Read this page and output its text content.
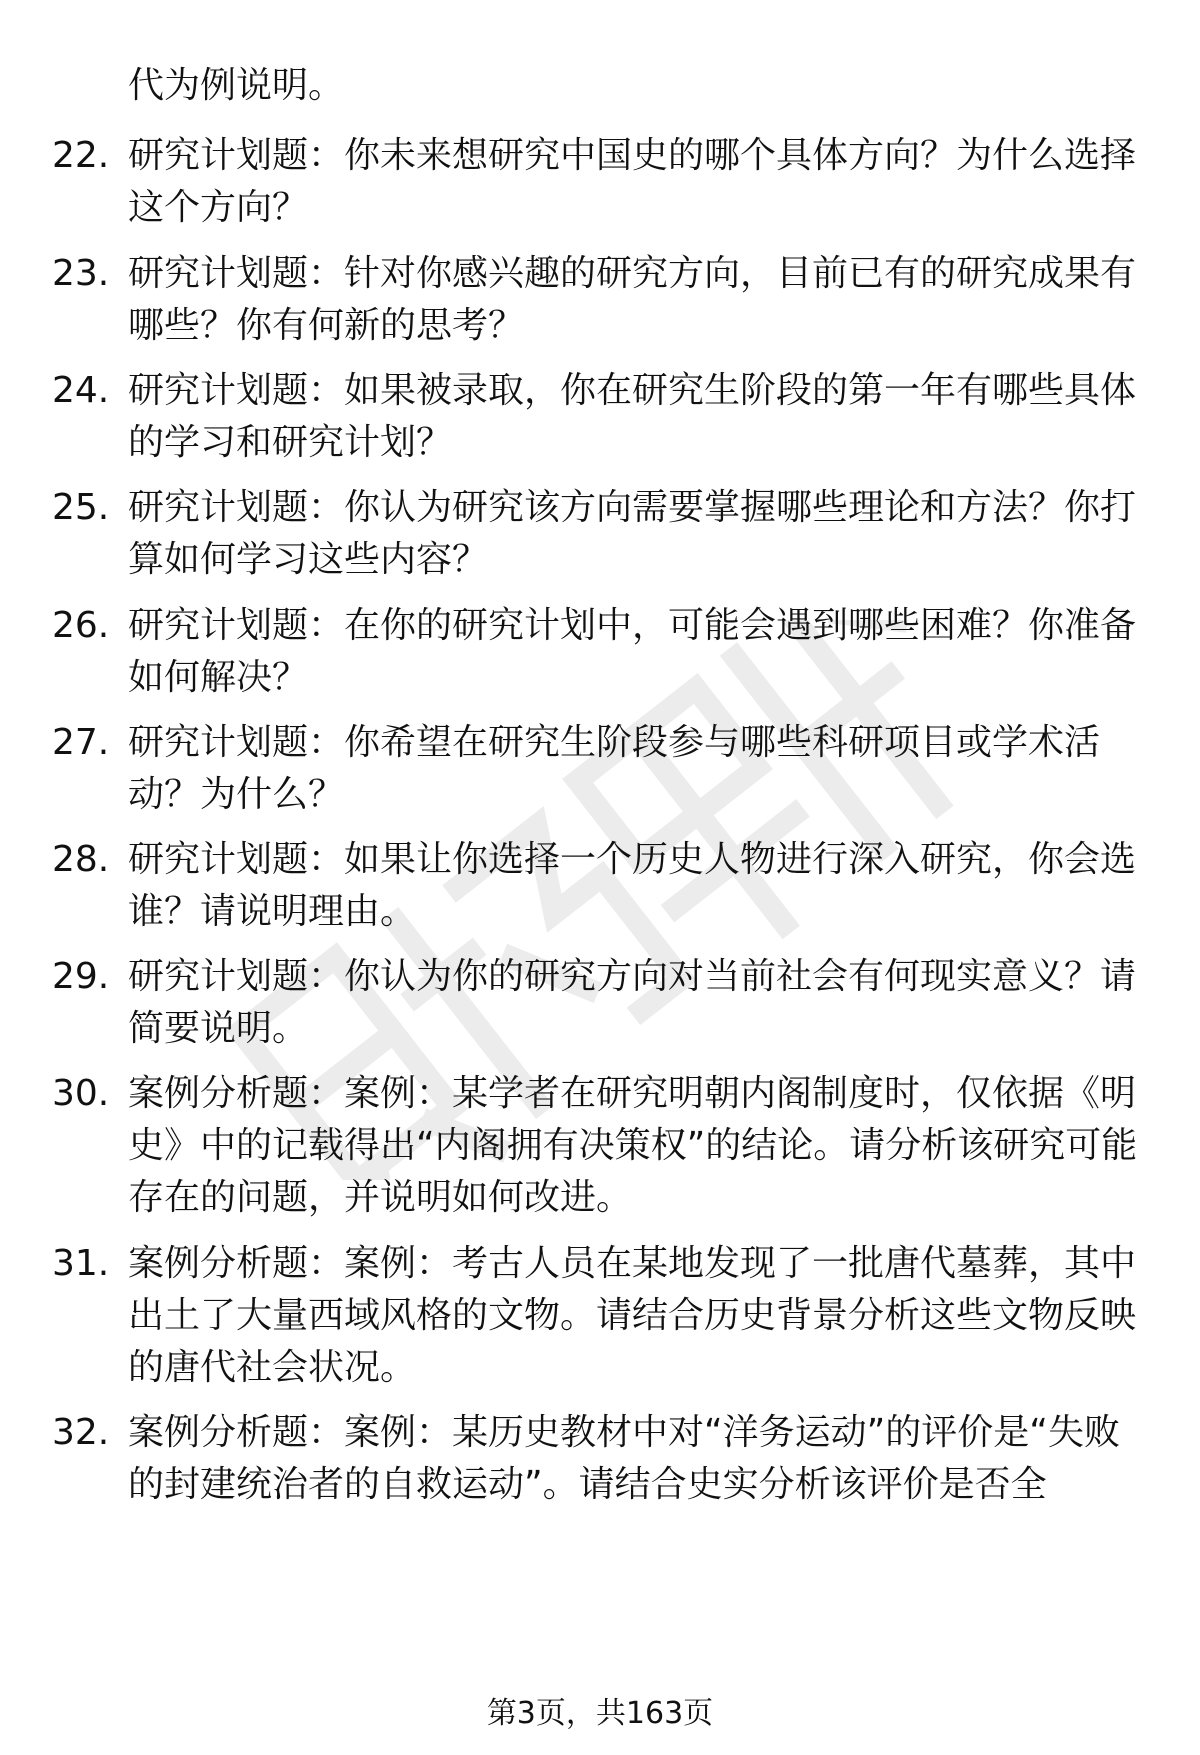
代为例说明。
22. 研究计划题：你未来想研究中国史的哪个具体方向？为什么选择这个方向？
23. 研究计划题：针对你感兴趣的研究方向，目前已有的研究成果有哪些？你有何新的思考？
24. 研究计划题：如果被录取，你在研究生阶段的第一年有哪些具体的学习和研究计划？
25. 研究计划题：你认为研究该方向需要掌握哪些理论和方法？你打算如何学习这些内容？
26. 研究计划题：在你的研究计划中，可能会遇到哪些困难？你准备如何解决？
27. 研究计划题：你希望在研究生阶段参与哪些科研项目或学术活动？为什么？
28. 研究计划题：如果让你选择一个历史人物进行深入研究，你会选谁？请说明理由。
29. 研究计划题：你认为你的研究方向对当前社会有何现实意义？请简要说明。
30. 案例分析题：案例：某学者在研究明朝内阁制度时，仅依据《明史》中的记载得出“内阁拥有决策权”的结论。请分析该研究可能存在的问题，并说明如何改进。
31. 案例分析题：案例：考古人员在某地发现了一批唐代墓葬，其中出土了大量西域风格的文物。请结合历史背景分析这些文物反映的唐代社会状况。
32. 案例分析题：案例：某历史教材中对“洋务运动”的评价是“失败的封建统治者的自救运动”。请结合史实分析该评价是否全
第3页，共163页
